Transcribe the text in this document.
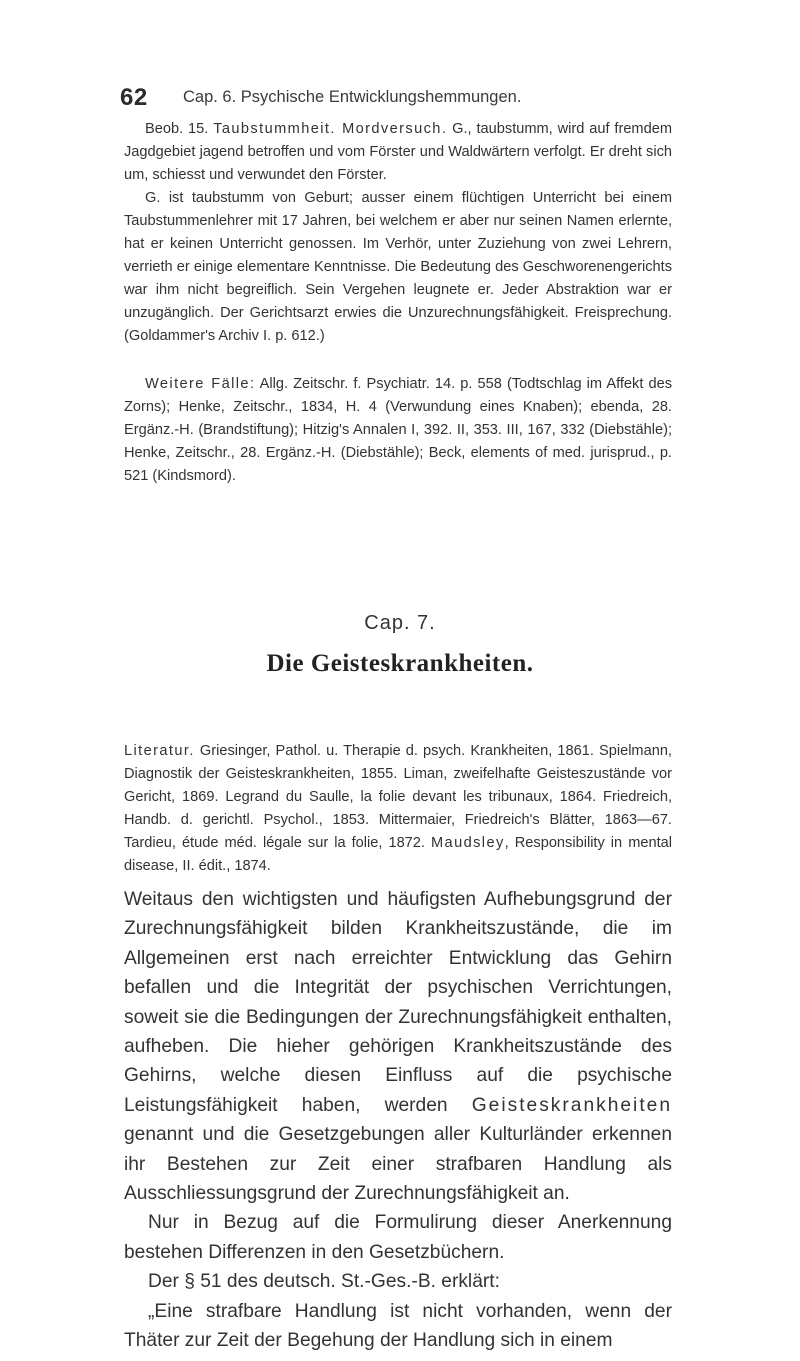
62 Cap. 6. Psychische Entwicklungshemmungen.

Beob. 15. Taubstummheit. Mordversuch. G., taubstumm, wird auf fremdem Jagdgebiet jagend betroffen und vom Förster und Waldwärtern verfolgt. Er dreht sich um, schiesst und verwundet den Förster.

G. ist taubstumm von Geburt; ausser einem flüchtigen Unterricht bei einem Taubstummenlehrer mit 17 Jahren, bei welchem er aber nur seinen Namen erlernte, hat er keinen Unterricht genossen. Im Verhör, unter Zuziehung von zwei Lehrern, verrieth er einige elementare Kenntnisse. Die Bedeutung des Geschworenengerichts war ihm nicht begreiflich. Sein Vergehen leugnete er. Jeder Abstraktion war er unzugänglich. Der Gerichtsarzt erwies die Unzurechnungsfähigkeit. Freisprechung. (Goldammer's Archiv I. p. 612.)

Weitere Fälle: Allg. Zeitschr. f. Psychiatr. 14. p. 558 (Todtschlag im Affekt des Zorns); Henke, Zeitschr., 1834, H. 4 (Verwundung eines Knaben); ebenda, 28. Ergänz.-H. (Brandstiftung); Hitzig's Annalen I, 392. II, 353. III, 167, 332 (Diebstähle); Henke, Zeitschr., 28. Ergänz.-H. (Diebstähle); Beck, elements of med. jurisprud., p. 521 (Kindsmord).

Cap. 7.
Die Geisteskrankheiten.

Literatur. Griesinger, Pathol. u. Therapie d. psych. Krankheiten, 1861. Spielmann, Diagnostik der Geisteskrankheiten, 1855. Liman, zweifelhafte Geisteszustände vor Gericht, 1869. Legrand du Saulle, la folie devant les tribunaux, 1864. Friedreich, Handb. d. gerichtl. Psychol., 1853. Mittermaier, Friedreich's Blätter, 1863—67. Tardieu, étude méd. légale sur la folie, 1872. Maudsley, Responsibility in mental disease, II. édit., 1874.

Weitaus den wichtigsten und häufigsten Aufhebungsgrund der Zurechnungsfähigkeit bilden Krankheitszustände, die im Allgemeinen erst nach erreichter Entwicklung das Gehirn befallen und die Integrität der psychischen Verrichtungen, soweit sie die Bedingungen der Zurechnungsfähigkeit enthalten, aufheben. Die hieher gehörigen Krankheitszustände des Gehirns, welche diesen Einfluss auf die psychische Leistungsfähigkeit haben, werden Geisteskrankheiten genannt und die Gesetzgebungen aller Kulturländer erkennen ihr Bestehen zur Zeit einer strafbaren Handlung als Ausschliessungsgrund der Zurechnungsfähigkeit an.

Nur in Bezug auf die Formulirung dieser Anerkennung bestehen Differenzen in den Gesetzbüchern.

Der § 51 des deutsch. St.-Ges.-B. erklärt:

„Eine strafbare Handlung ist nicht vorhanden, wenn der Thäter zur Zeit der Begehung der Handlung sich in einem
